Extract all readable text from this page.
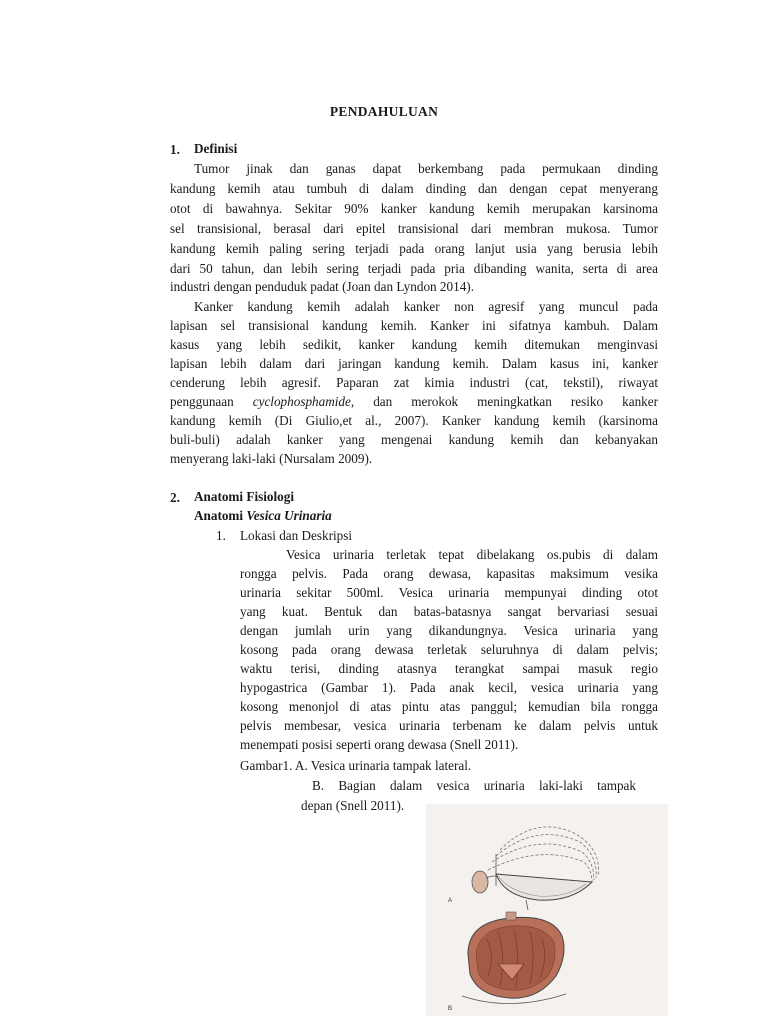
PENDAHULUAN
1. Definisi
Tumor jinak dan ganas dapat berkembang pada permukaan dinding
kandung kemih atau tumbuh di dalam dinding dan dengan cepat menyerang
otot di bawahnya. Sekitar 90% kanker kandung kemih merupakan karsinoma
sel transisional, berasal dari epitel transisional dari membran mukosa. Tumor
kandung kemih paling sering terjadi pada orang lanjut usia yang berusia lebih
dari 50 tahun, dan lebih sering terjadi pada pria dibanding wanita, serta di area
industri dengan penduduk padat (Joan dan Lyndon 2014).
Kanker kandung kemih adalah kanker non agresif yang muncul pada
lapisan sel transisional kandung kemih. Kanker ini sifatnya kambuh. Dalam
kasus yang lebih sedikit, kanker kandung kemih ditemukan menginvasi
lapisan lebih dalam dari jaringan kandung kemih. Dalam kasus ini, kanker
cenderung lebih agresif. Paparan zat kimia industri (cat, tekstil), riwayat
penggunaan cyclophosphamide, dan merokok meningkatkan resiko kanker
kandung kemih (Di Giulio,et al., 2007). Kanker kandung kemih (karsinoma
buli-buli) adalah kanker yang mengenai kandung kemih dan kebanyakan
menyerang laki-laki (Nursalam 2009).
2. Anatomi Fisiologi
Anatomi Vesica Urinaria
1. Lokasi dan Deskripsi
Vesica urinaria terletak tepat dibelakang os.pubis di dalam
rongga pelvis. Pada orang dewasa, kapasitas maksimum vesika
urinaria sekitar 500ml. Vesica urinaria mempunyai dinding otot
yang kuat. Bentuk dan batas-batasnya sangat bervariasi sesuai
dengan jumlah urin yang dikandungnya. Vesica urinaria yang
kosong pada orang dewasa terletak seluruhnya di dalam pelvis;
waktu terisi, dinding atasnya terangkat sampai masuk regio
hypogastrica (Gambar 1). Pada anak kecil, vesica urinaria yang
kosong menonjol di atas pintu atas panggul; kemudian bila rongga
pelvis membesar, vesica urinaria terbenam ke dalam pelvis untuk
menempati posisi seperti orang dewasa (Snell 2011).
Gambar1. A. Vesica urinaria tampak lateral.
B. Bagian dalam vesica urinaria laki-laki tampak
depan (Snell 2011).
A
B
